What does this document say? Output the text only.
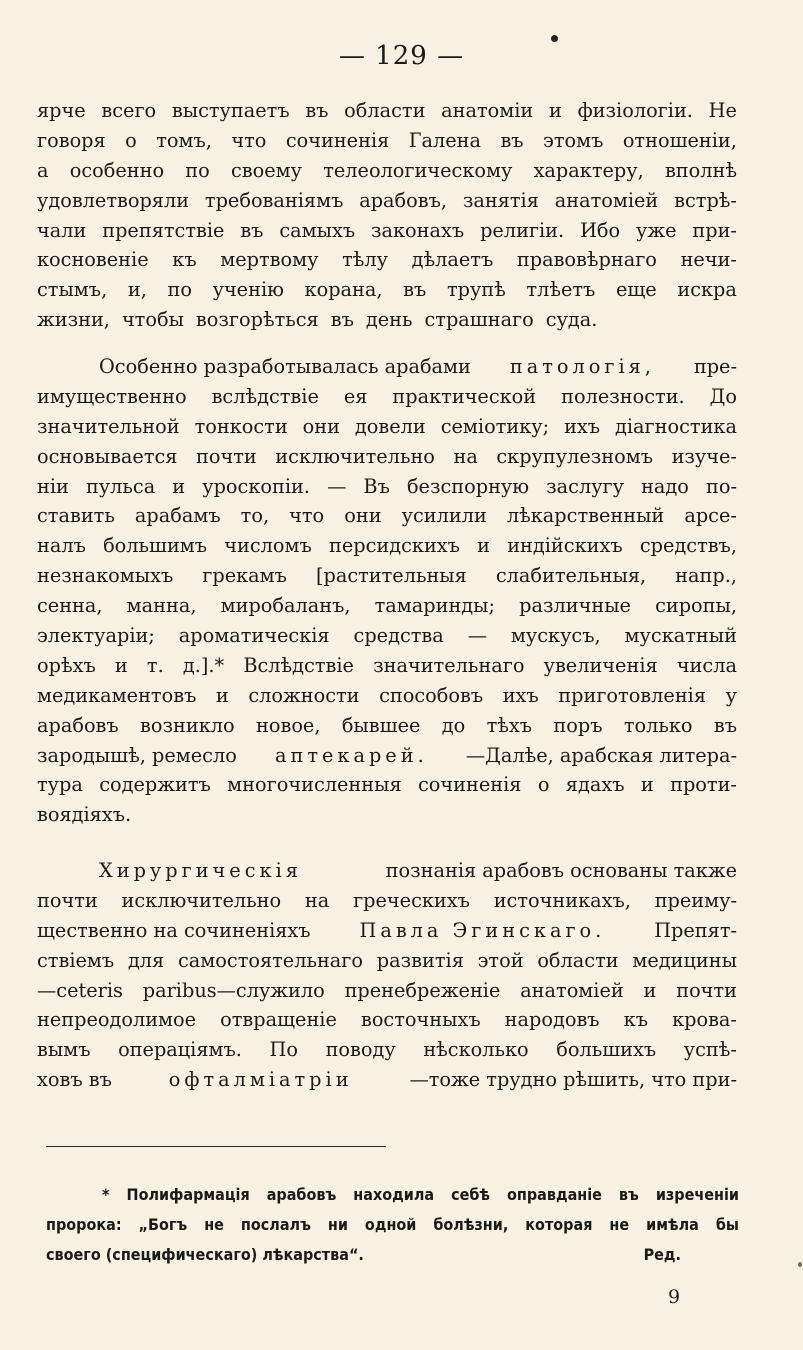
— 129 —
ярче всего выступаетъ въ области анатоміи и физіологіи. Не
говоря о томъ, что сочиненія Галена въ этомъ отношеніи,
а особенно по своему телеологическому характеру, вполнѣ
удовлетворяли требованіямъ арабовъ, занятія анатоміей встрѣ-
чали препятствіе въ самыхъ законахъ религіи. Ибо уже при-
косновеніе къ мертвому тѣлу дѣлаетъ правовѣрнаго нечи-
стымъ, и, по ученію корана, въ трупѣ тлѣетъ еще искра
жизни, чтобы возгорѣться въ день страшнаго суда.
Особенно разработывалась арабами патологія, пре-
имущественно вслѣдствіе ея практической полезности. До
значительной тонкости они довели семіотику; ихъ діагностика
основывается почти исключительно на скрупулезномъ изуче-
ніи пульса и уроскопіи. — Въ безспорную заслугу надо по-
ставить арабамъ то, что они усилили лѣкарственный арсе-
налъ большимъ числомъ персидскихъ и индійскихъ средствъ,
незнакомыхъ грекамъ [растительныя слабительныя, напр.,
сенна, манна, миробаланъ, тамаринды; различные сиропы,
электуаріи; ароматическія средства — мускусъ, мускатный
орѣхъ и т. д.].* Вслѣдствіе значительнаго увеличенія числа
медикаментовъ и сложности способовъ ихъ приготовленія у
арабовъ возникло новое, бывшее до тѣхъ поръ только въ
зародышѣ, ремесло аптекарей. —Далѣе, арабская литера-
тура содержитъ многочисленныя сочиненія о ядахъ и проти-
воядіяхъ.
Хирургическія	познанія арабовъ основаны также
почти исключительно на греческихъ источникахъ, преиму-
щественно на сочиненіяхъ	Павла Эгинскаго.	Препят-
ствіемъ для самостоятельнаго развитія этой области медицины
—ceteris paribus—служило пренебреженіе анатоміей и почти
непреодолимое отвращеніе восточныхъ народовъ къ крова-
вымъ операціямъ. По поводу нѣсколько большихъ успѣ-
ховъ въ	офталміатріи	—тоже трудно рѣшить, что при-
* Полифармація арабовъ находила себѣ оправданіе въ изреченіи
пророка: „Богъ не послалъ ни одной болѣзни, которая не имѣла бы
своего (специфическаго) лѣкарства“.	Ред.
9
